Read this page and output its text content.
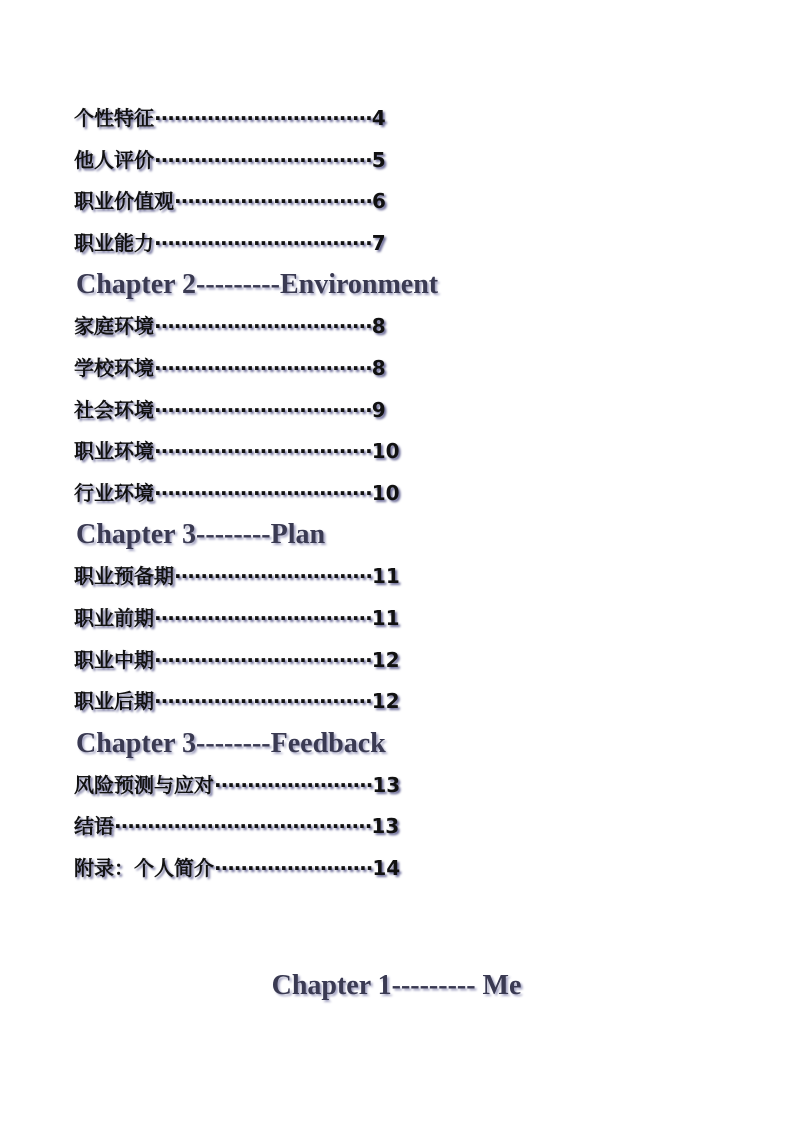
个性特征·································4
他人评价·································5
职业价值观······························6
职业能力·································7
Chapter 2---------Environment
家庭环境·································8
学校环境·································8
社会环境·································9
职业环境·································10
行业环境·································10
Chapter 3--------Plan
职业预备期······························11
职业前期·································11
职业中期·································12
职业后期·································12
Chapter 3--------Feedback
风险预测与应对························13
结语·······································13
附录：个人简介························14
Chapter 1--------- Me
